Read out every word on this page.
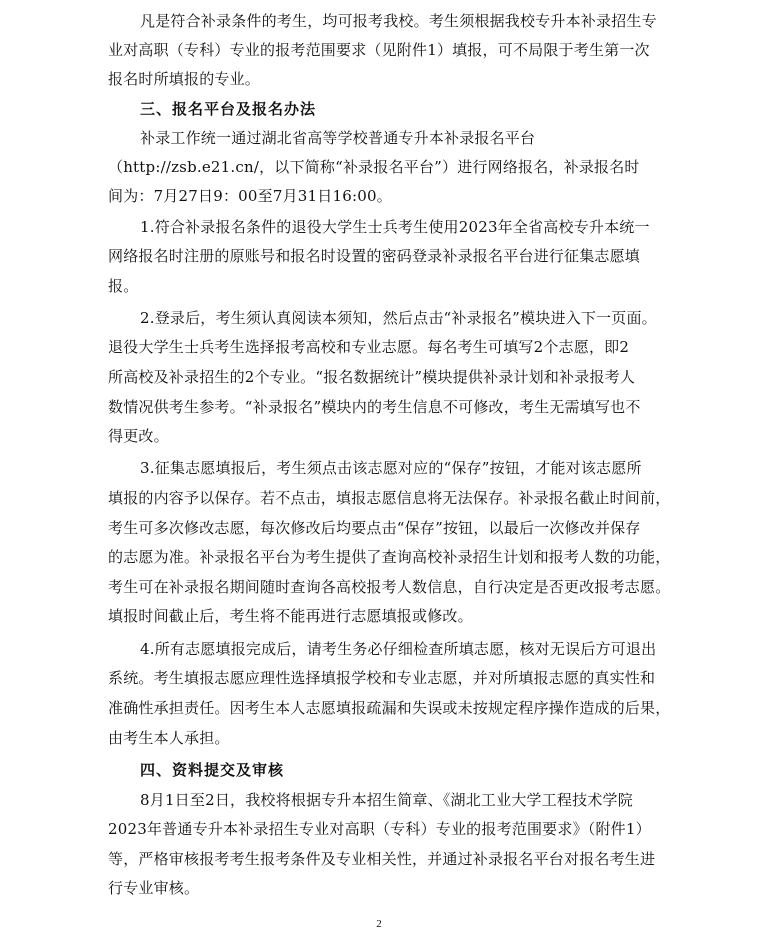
凡是符合补录条件的考生，均可报考我校。考生须根据我校专升本补录招生专
业对高职（专科）专业的报考范围要求（见附件1）填报，可不局限于考生第一次
报名时所填报的专业。
三、报名平台及报名办法
补录工作统一通过湖北省高等学校普通专升本补录报名平台
（http://zsb.e21.cn/，以下简称“补录报名平台”）进行网络报名，补录报名时
间为：7月27日9：00至7月31日16:00。
1.符合补录报名条件的退役大学生士兵考生使用2023年全省高校专升本统一
网络报名时注册的原账号和报名时设置的密码登录补录报名平台进行征集志愿填
报。
2.登录后，考生须认真阅读本须知，然后点击“补录报名”模块进入下一页面。
退役大学生士兵考生选择报考高校和专业志愿。每名考生可填写2个志愿，即2
所高校及补录招生的2个专业。“报名数据统计”模块提供补录计划和补录报考人
数情况供考生参考。“补录报名”模块内的考生信息不可修改，考生无需填写也不
得更改。
3.征集志愿填报后，考生须点击该志愿对应的“保存”按钮，才能对该志愿所
填报的内容予以保存。若不点击，填报志愿信息将无法保存。补录报名截止时间前，
考生可多次修改志愿，每次修改后均要点击“保存”按钮，以最后一次修改并保存
的志愿为准。补录报名平台为考生提供了查询高校补录招生计划和报考人数的功能，
考生可在补录报名期间随时查询各高校报考人数信息，自行决定是否更改报考志愿。
填报时间截止后，考生将不能再进行志愿填报或修改。
4.所有志愿填报完成后，请考生务必仔细检查所填志愿，核对无误后方可退出
系统。考生填报志愿应理性选择填报学校和专业志愿，并对所填报志愿的真实性和
准确性承担责任。因考生本人志愿填报疏漏和失误或未按规定程序操作造成的后果，
由考生本人承担。
四、资料提交及审核
8月1日至2日，我校将根据专升本招生简章、《湖北工业大学工程技术学院
2023年普通专升本补录招生专业对高职（专科）专业的报考范围要求》（附件1）
等，严格审核报考考生报考条件及专业相关性，并通过补录报名平台对报名考生进
行专业审核。
2
